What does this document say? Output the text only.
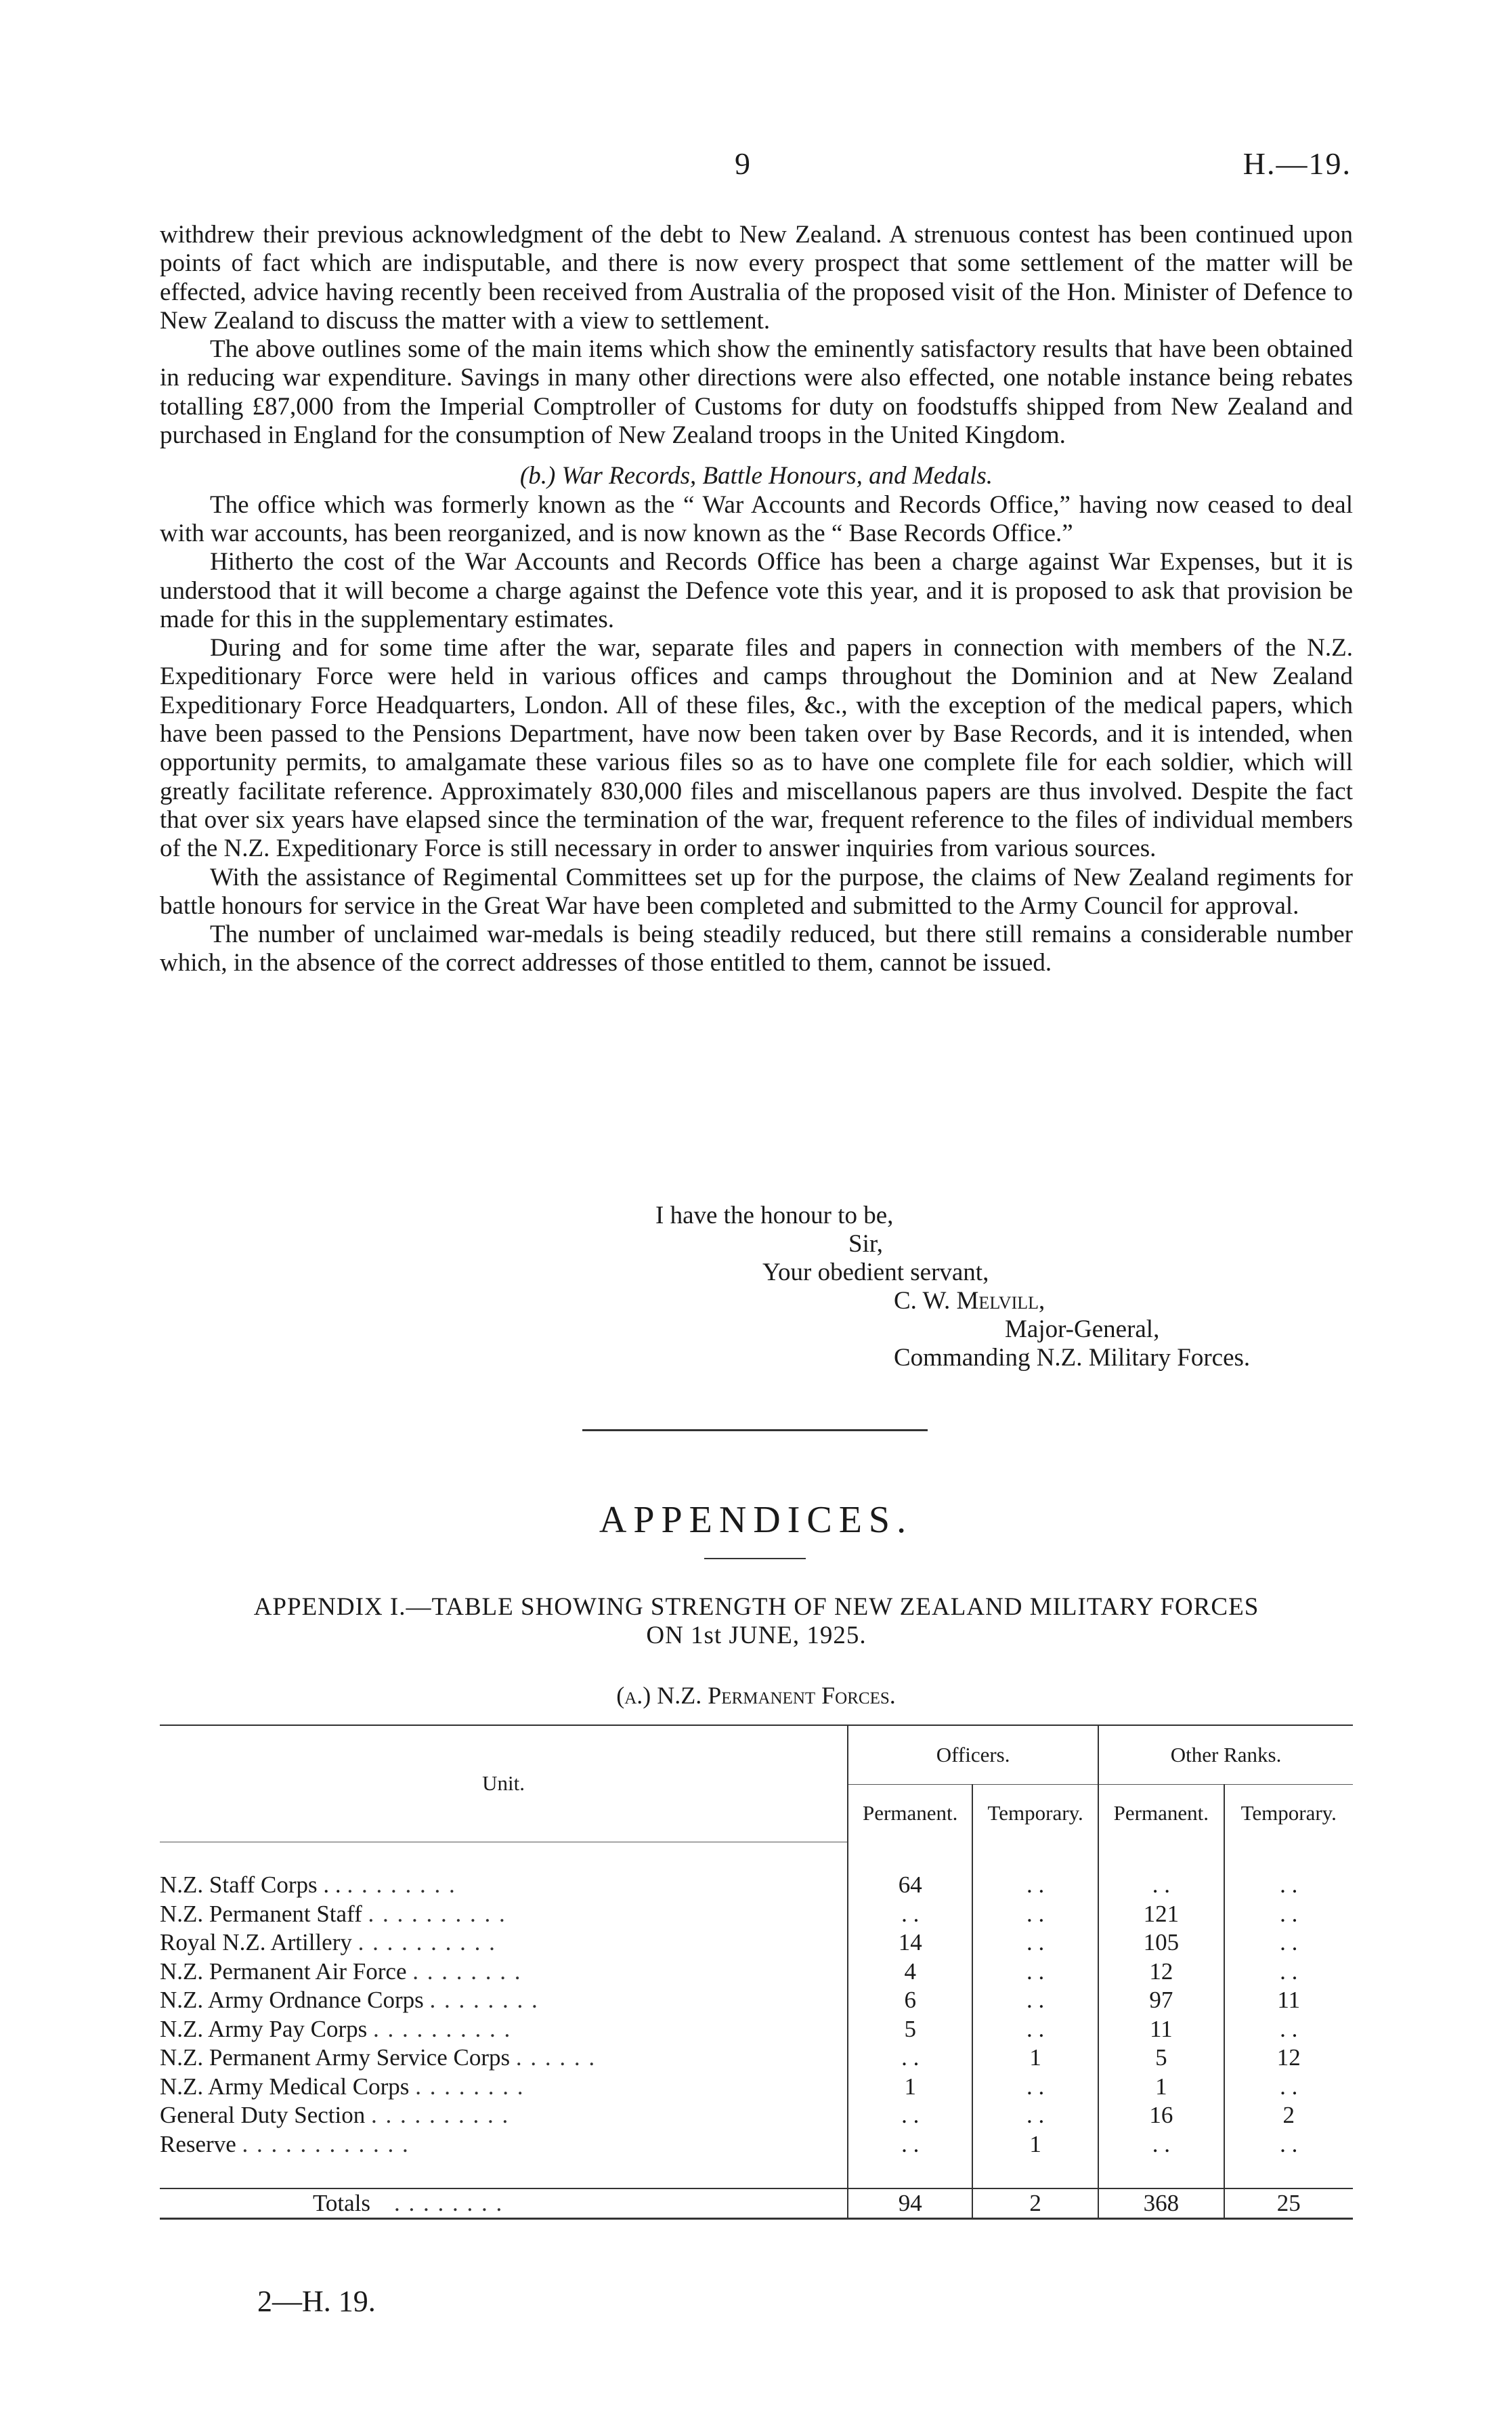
9	H.—19.

withdrew their previous acknowledgment of the debt to New Zealand. A strenuous contest has been continued upon points of fact which are indisputable, and there is now every prospect that some settlement of the matter will be effected, advice having recently been received from Australia of the proposed visit of the Hon. Minister of Defence to New Zealand to discuss the matter with a view to settlement.

The above outlines some of the main items which show the eminently satisfactory results that have been obtained in reducing war expenditure. Savings in many other directions were also effected, one notable instance being rebates totalling £87,000 from the Imperial Comptroller of Customs for duty on foodstuffs shipped from New Zealand and purchased in England for the consumption of New Zealand troops in the United Kingdom.

(b.) War Records, Battle Honours, and Medals.

The office which was formerly known as the “ War Accounts and Records Office,” having now ceased to deal with war accounts, has been reorganized, and is now known as the “ Base Records Office.”

Hitherto the cost of the War Accounts and Records Office has been a charge against War Expenses, but it is understood that it will become a charge against the Defence vote this year, and it is proposed to ask that provision be made for this in the supplementary estimates.

During and for some time after the war, separate files and papers in connection with members of the N.Z. Expeditionary Force were held in various offices and camps throughout the Dominion and at New Zealand Expeditionary Force Headquarters, London. All of these files, &c., with the exception of the medical papers, which have been passed to the Pensions Department, have now been taken over by Base Records, and it is intended, when opportunity permits, to amalgamate these various files so as to have one complete file for each soldier, which will greatly facilitate reference. Approximately 830,000 files and miscellanous papers are thus involved. Despite the fact that over six years have elapsed since the termination of the war, frequent reference to the files of individual members of the N.Z. Expeditionary Force is still necessary in order to answer inquiries from various sources.

With the assistance of Regimental Committees set up for the purpose, the claims of New Zealand regiments for battle honours for service in the Great War have been completed and submitted to the Army Council for approval.

The number of unclaimed war-medals is being steadily reduced, but there still remains a considerable number which, in the absence of the correct addresses of those entitled to them, cannot be issued.

I have the honour to be,
Sir,
Your obedient servant,
C. W. Melvill,
Major-General,
Commanding N.Z. Military Forces.
APPENDICES.
APPENDIX I.—TABLE SHOWING STRENGTH OF NEW ZEALAND MILITARY FORCES
ON 1st JUNE, 1925.
(a.) N.Z. Permanent Forces.
Unit.	Officers.		Other Ranks.	
	Permanent.	Temporary.	Permanent.	Temporary.

N.Z. Staff Corps . . . . . . . . . .	64	. .	. .	. .
N.Z. Permanent Staff . . . . . . . . . .	. .	. .	121	. .
Royal N.Z. Artillery . . . . . . . . . .	14	. .	105	. .
N.Z. Permanent Air Force . . . . . . . .	4	. .	12	. .
N.Z. Army Ordnance Corps . . . . . . . .	6	. .	97	11
N.Z. Army Pay Corps . . . . . . . . . .	5	. .	11	. .
N.Z. Permanent Army Service Corps . . . . . .	. .	1	5	12
N.Z. Army Medical Corps . . . . . . . .	1	. .	1	. .
General Duty Section . . . . . . . . . .	. .	. .	16	2
Reserve . . . . . . . . . . . .	. .	1	. .	. .

Totals . . . . . . . .	94	2	368	25
2—H. 19.
